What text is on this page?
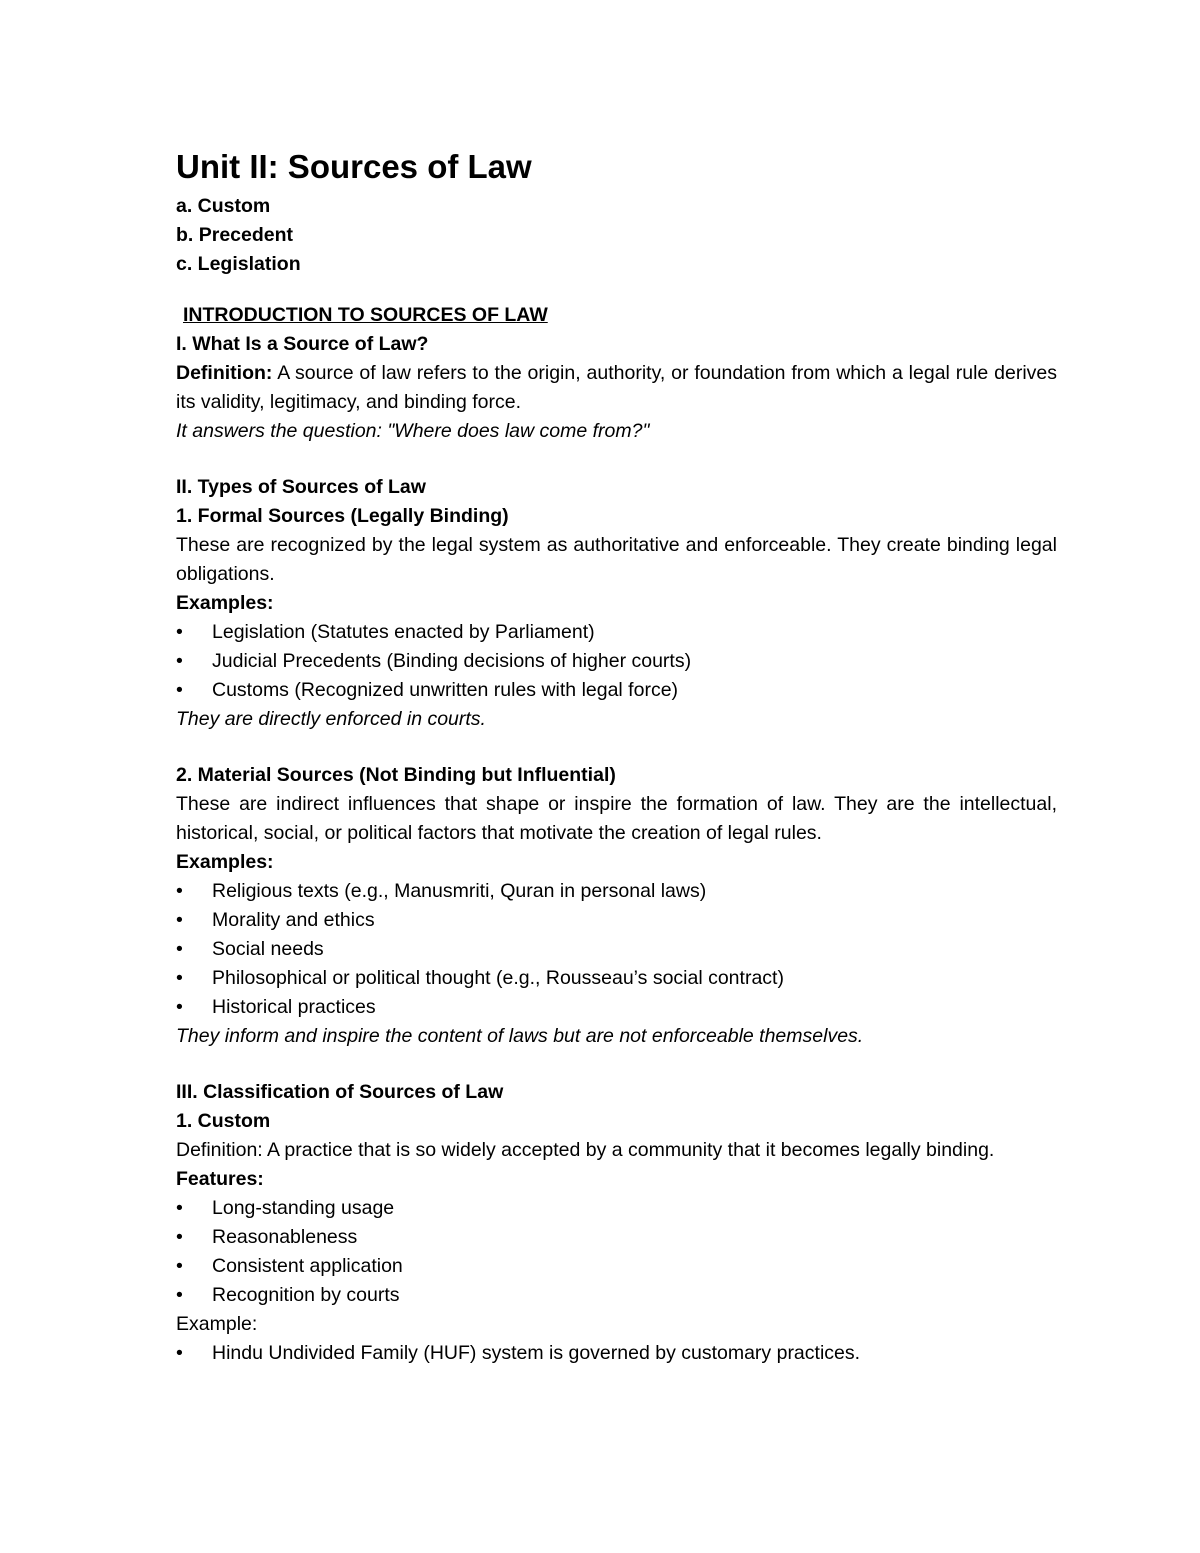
Unit II: Sources of Law
a. Custom
b. Precedent
c. Legislation
INTRODUCTION TO SOURCES OF LAW
I. What Is a Source of Law?
Definition: A source of law refers to the origin, authority, or foundation from which a legal rule derives its validity, legitimacy, and binding force.
It answers the question: "Where does law come from?"
II. Types of Sources of Law
1. Formal Sources (Legally Binding)
These are recognized by the legal system as authoritative and enforceable. They create binding legal obligations.
Examples:
•	Legislation (Statutes enacted by Parliament)
•	Judicial Precedents (Binding decisions of higher courts)
•	Customs (Recognized unwritten rules with legal force)
They are directly enforced in courts.
2. Material Sources (Not Binding but Influential)
These are indirect influences that shape or inspire the formation of law. They are the intellectual, historical, social, or political factors that motivate the creation of legal rules.
Examples:
•	Religious texts (e.g., Manusmriti, Quran in personal laws)
•	Morality and ethics
•	Social needs
•	Philosophical or political thought (e.g., Rousseau’s social contract)
•	Historical practices
They inform and inspire the content of laws but are not enforceable themselves.
III. Classification of Sources of Law
1. Custom
Definition: A practice that is so widely accepted by a community that it becomes legally binding.
Features:
•	Long-standing usage
•	Reasonableness
•	Consistent application
•	Recognition by courts
Example:
•	Hindu Undivided Family (HUF) system is governed by customary practices.
